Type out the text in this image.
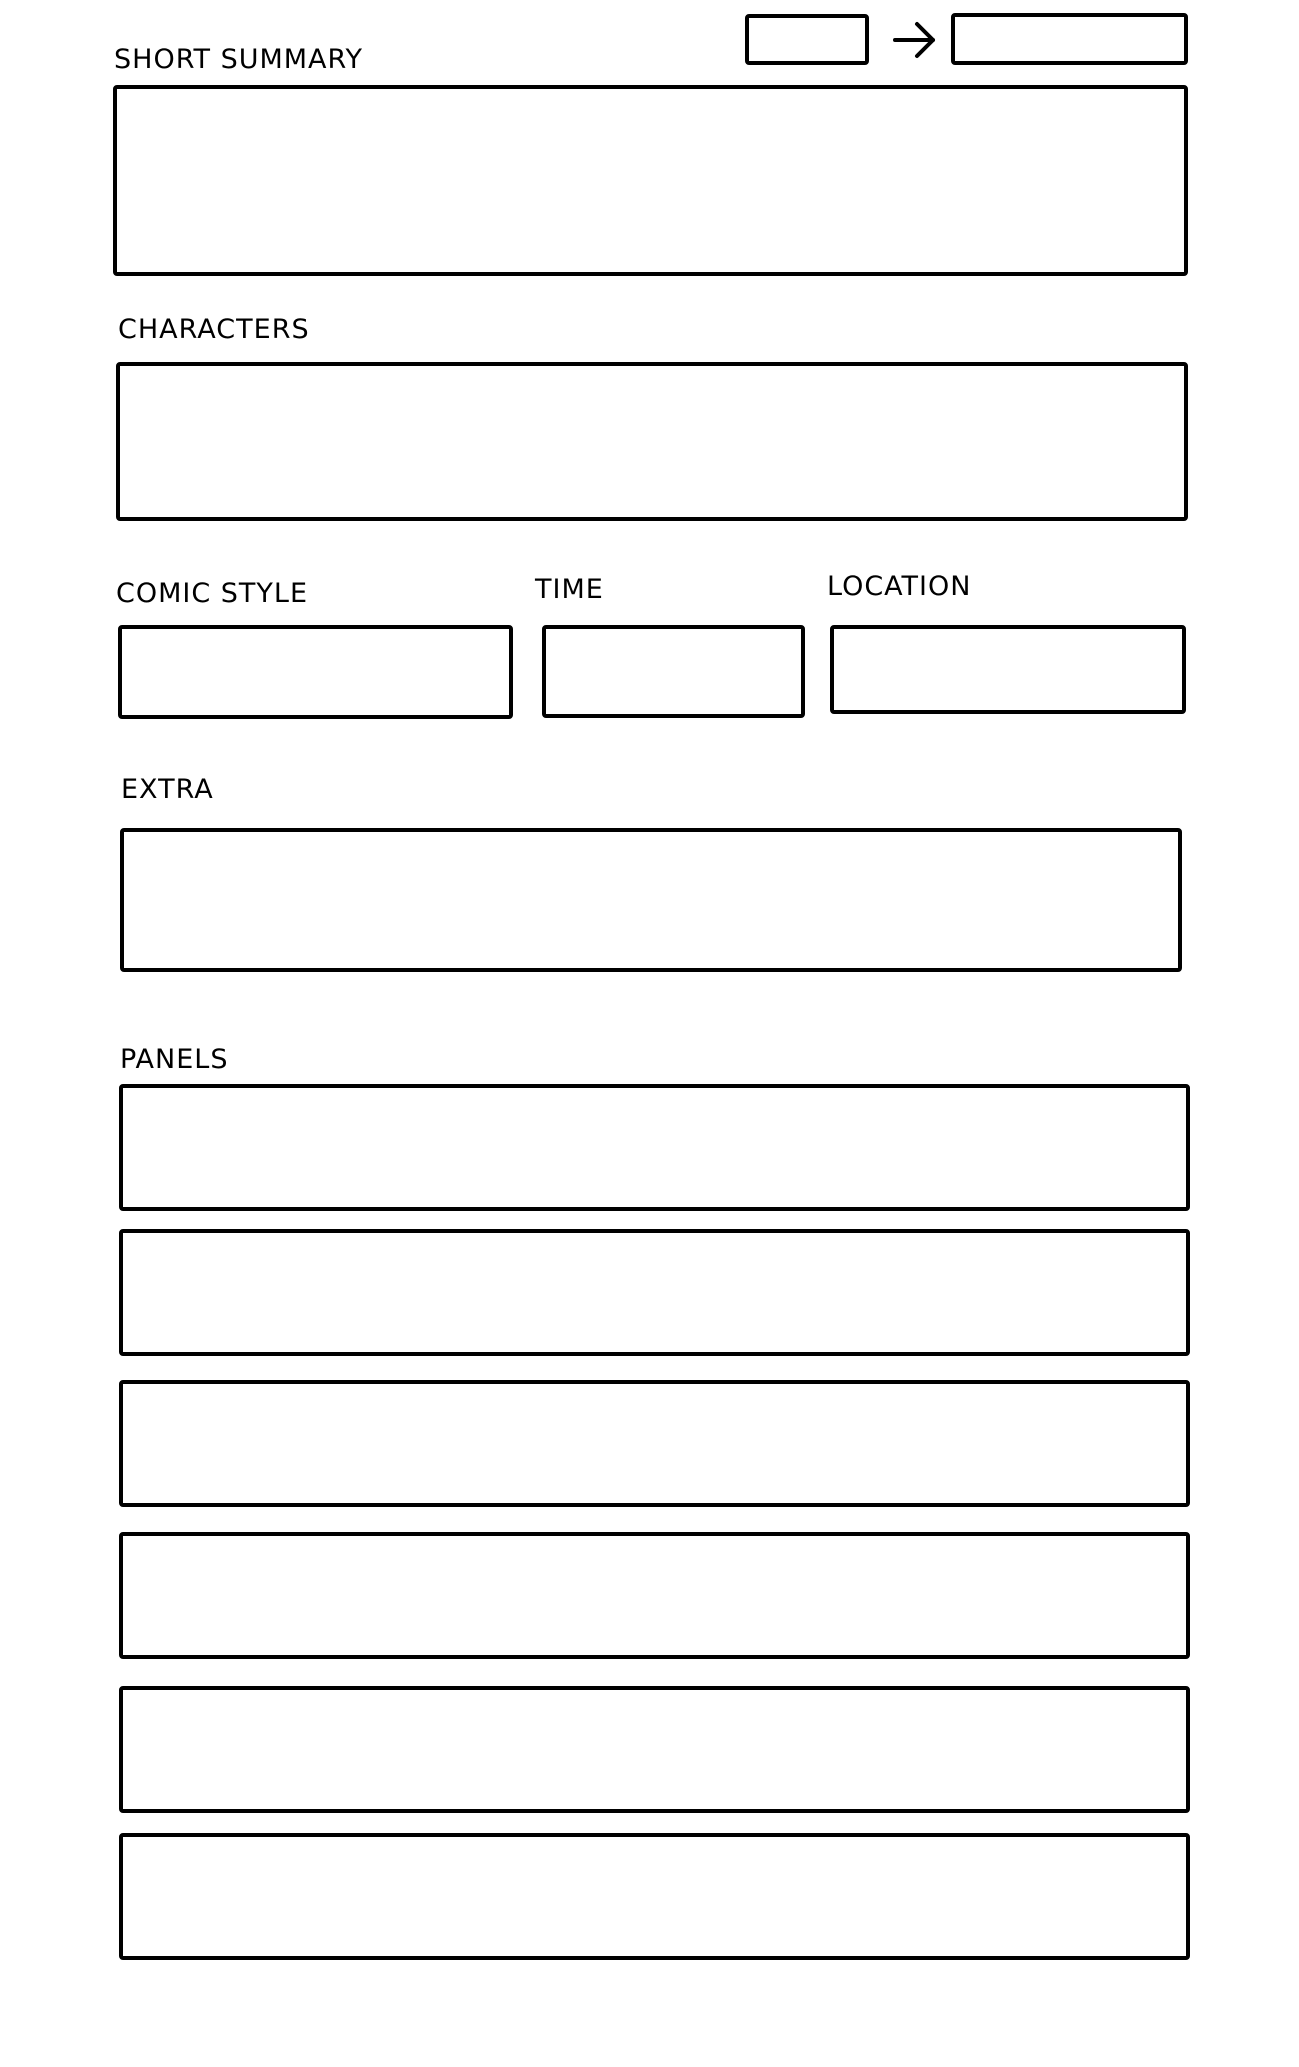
SHORT SUMMARY
CHARACTERS
COMIC STYLE	TIME	LOCATION
EXTRA
PANELS
